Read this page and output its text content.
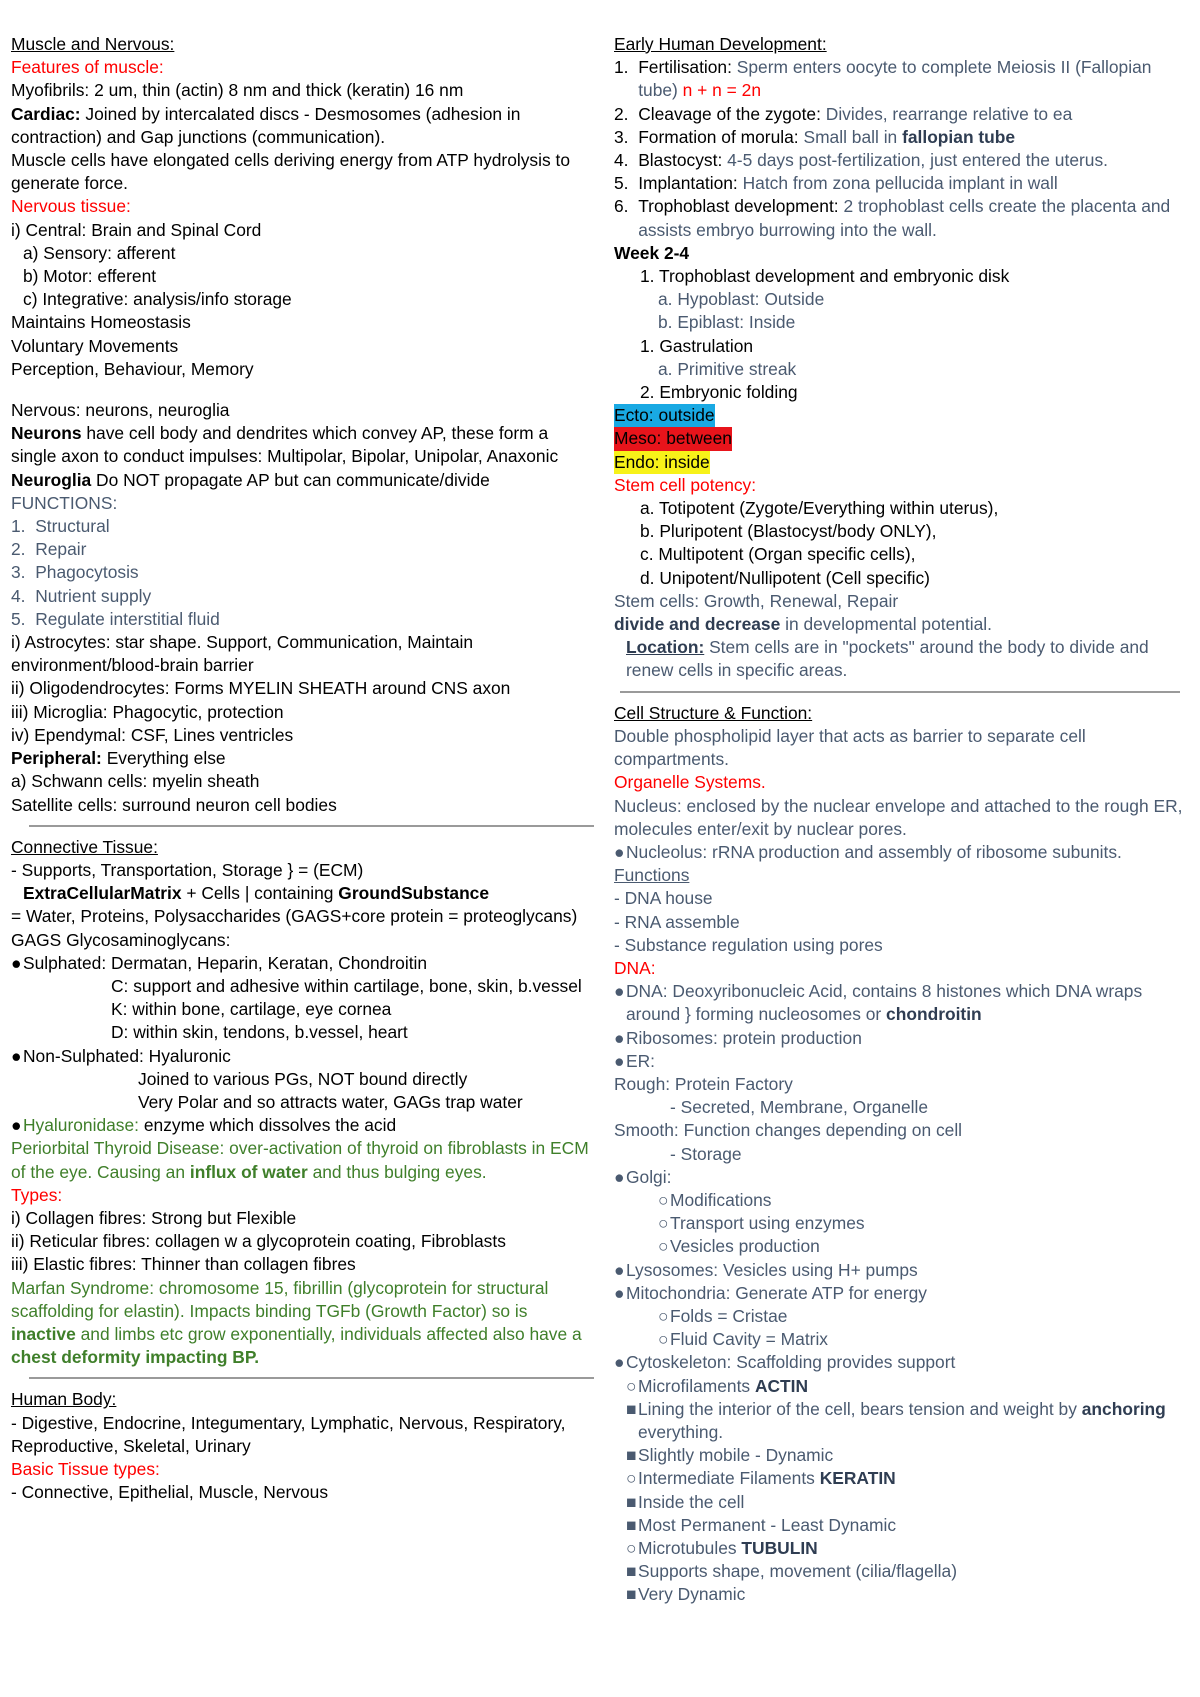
Muscle and Nervous:
Features of muscle:
Myofibrils: 2 um, thin (actin) 8 nm and thick (keratin) 16 nm
Cardiac: Joined by intercalated discs - Desmosomes (adhesion in contraction) and Gap junctions (communication).
Muscle cells have elongated cells deriving energy from ATP hydrolysis to generate force.
Nervous tissue:
i) Central: Brain and Spinal Cord
a) Sensory: afferent
b) Motor: efferent
c) Integrative: analysis/info storage
Maintains Homeostasis
Voluntary Movements
Perception, Behaviour, Memory
Nervous: neurons, neuroglia
Neurons have cell body and dendrites which convey AP, these form a single axon to conduct impulses: Multipolar, Bipolar, Unipolar, Anaxonic
Neuroglia Do NOT propagate AP but can communicate/divide
FUNCTIONS:
1. Structural
2. Repair
3. Phagocytosis
4. Nutrient supply
5. Regulate interstitial fluid
i) Astrocytes: star shape. Support, Communication, Maintain environment/blood-brain barrier
ii) Oligodendrocytes: Forms MYELIN SHEATH around CNS axon
iii) Microglia: Phagocytic, protection
iv) Ependymal: CSF, Lines ventricles
Peripheral: Everything else
a) Schwann cells: myelin sheath
Satellite cells: surround neuron cell bodies
Connective Tissue:
- Supports, Transportation, Storage } = (ECM)
ExtraCellularMatrix + Cells | containing GroundSubstance
= Water, Proteins, Polysaccharides (GAGS+core protein = proteoglycans)
GAGS Glycosaminoglycans:
●Sulphated: Dermatan, Heparin, Keratan, Chondroitin
C: support and adhesive within cartilage, bone, skin, b.vessel
K: within bone, cartilage, eye cornea
D: within skin, tendons, b.vessel, heart
●Non-Sulphated: Hyaluronic
Joined to various PGs, NOT bound directly
Very Polar and so attracts water, GAGs trap water
●Hyaluronidase: enzyme which dissolves the acid
Periorbital Thyroid Disease: over-activation of thyroid on fibroblasts in ECM of the eye. Causing an influx of water and thus bulging eyes.
Types:
i) Collagen fibres: Strong but Flexible
ii) Reticular fibres: collagen w a glycoprotein coating, Fibroblasts
iii) Elastic fibres: Thinner than collagen fibres
Marfan Syndrome: chromosome 15, fibrillin (glycoprotein for structural scaffolding for elastin). Impacts binding TGFb (Growth Factor) so is inactive and limbs etc grow exponentially, individuals affected also have a chest deformity impacting BP.
Human Body:
- Digestive, Endocrine, Integumentary, Lymphatic, Nervous, Respiratory, Reproductive, Skeletal, Urinary
Basic Tissue types:
- Connective, Epithelial, Muscle, Nervous
Early Human Development:
1.
Fertilisation: Sperm enters oocyte to complete Meiosis II (Fallopian tube) n + n = 2n
2.
Cleavage of the zygote: Divides, rearrange relative to ea
3.
Formation of morula: Small ball in fallopian tube
4.
Blastocyst: 4-5 days post-fertilization, just entered the uterus.
5.
Implantation: Hatch from zona pellucida implant in wall
6.
Trophoblast development: 2 trophoblast cells create the placenta and assists embryo burrowing into the wall.
Week 2-4
1. Trophoblast development and embryonic disk
a. Hypoblast: Outside
b. Epiblast: Inside
1. Gastrulation
a. Primitive streak
2. Embryonic folding
Ecto: outside
Meso: between
Endo: inside
Stem cell potency:
a. Totipotent (Zygote/Everything within uterus),
b. Pluripotent (Blastocyst/body ONLY),
c. Multipotent (Organ specific cells),
d. Unipotent/Nullipotent (Cell specific)
Stem cells: Growth, Renewal, Repair
divide and decrease in developmental potential.
Location: Stem cells are in "pockets" around the body to divide and renew cells in specific areas.
Cell Structure & Function:
Double phospholipid layer that acts as barrier to separate cell compartments.
Organelle Systems.
Nucleus: enclosed by the nuclear envelope and attached to the rough ER, molecules enter/exit by nuclear pores.
● Nucleolus: rRNA production and assembly of ribosome subunits.
Functions
- DNA house
- RNA assemble
- Substance regulation using pores
DNA:
● DNA: Deoxyribonucleic Acid, contains 8 histones which DNA wraps around } forming nucleosomes or chondroitin
●Ribosomes: protein production
●ER:
Rough: Protein Factory
- Secreted, Membrane, Organelle
Smooth: Function changes depending on cell
- Storage
●Golgi:
○Modifications
○Transport using enzymes
○Vesicles production
●Lysosomes: Vesicles using H+ pumps
●Mitochondria: Generate ATP for energy
○Folds = Cristae
○Fluid Cavity = Matrix
●Cytoskeleton: Scaffolding provides support
○Microfilaments ACTIN
■ Lining the interior of the cell, bears tension and weight by anchoring everything.
■Slightly mobile - Dynamic
○Intermediate Filaments KERATIN
■Inside the cell
■Most Permanent - Least Dynamic
○Microtubules TUBULIN
■Supports shape, movement (cilia/flagella)
■Very Dynamic
